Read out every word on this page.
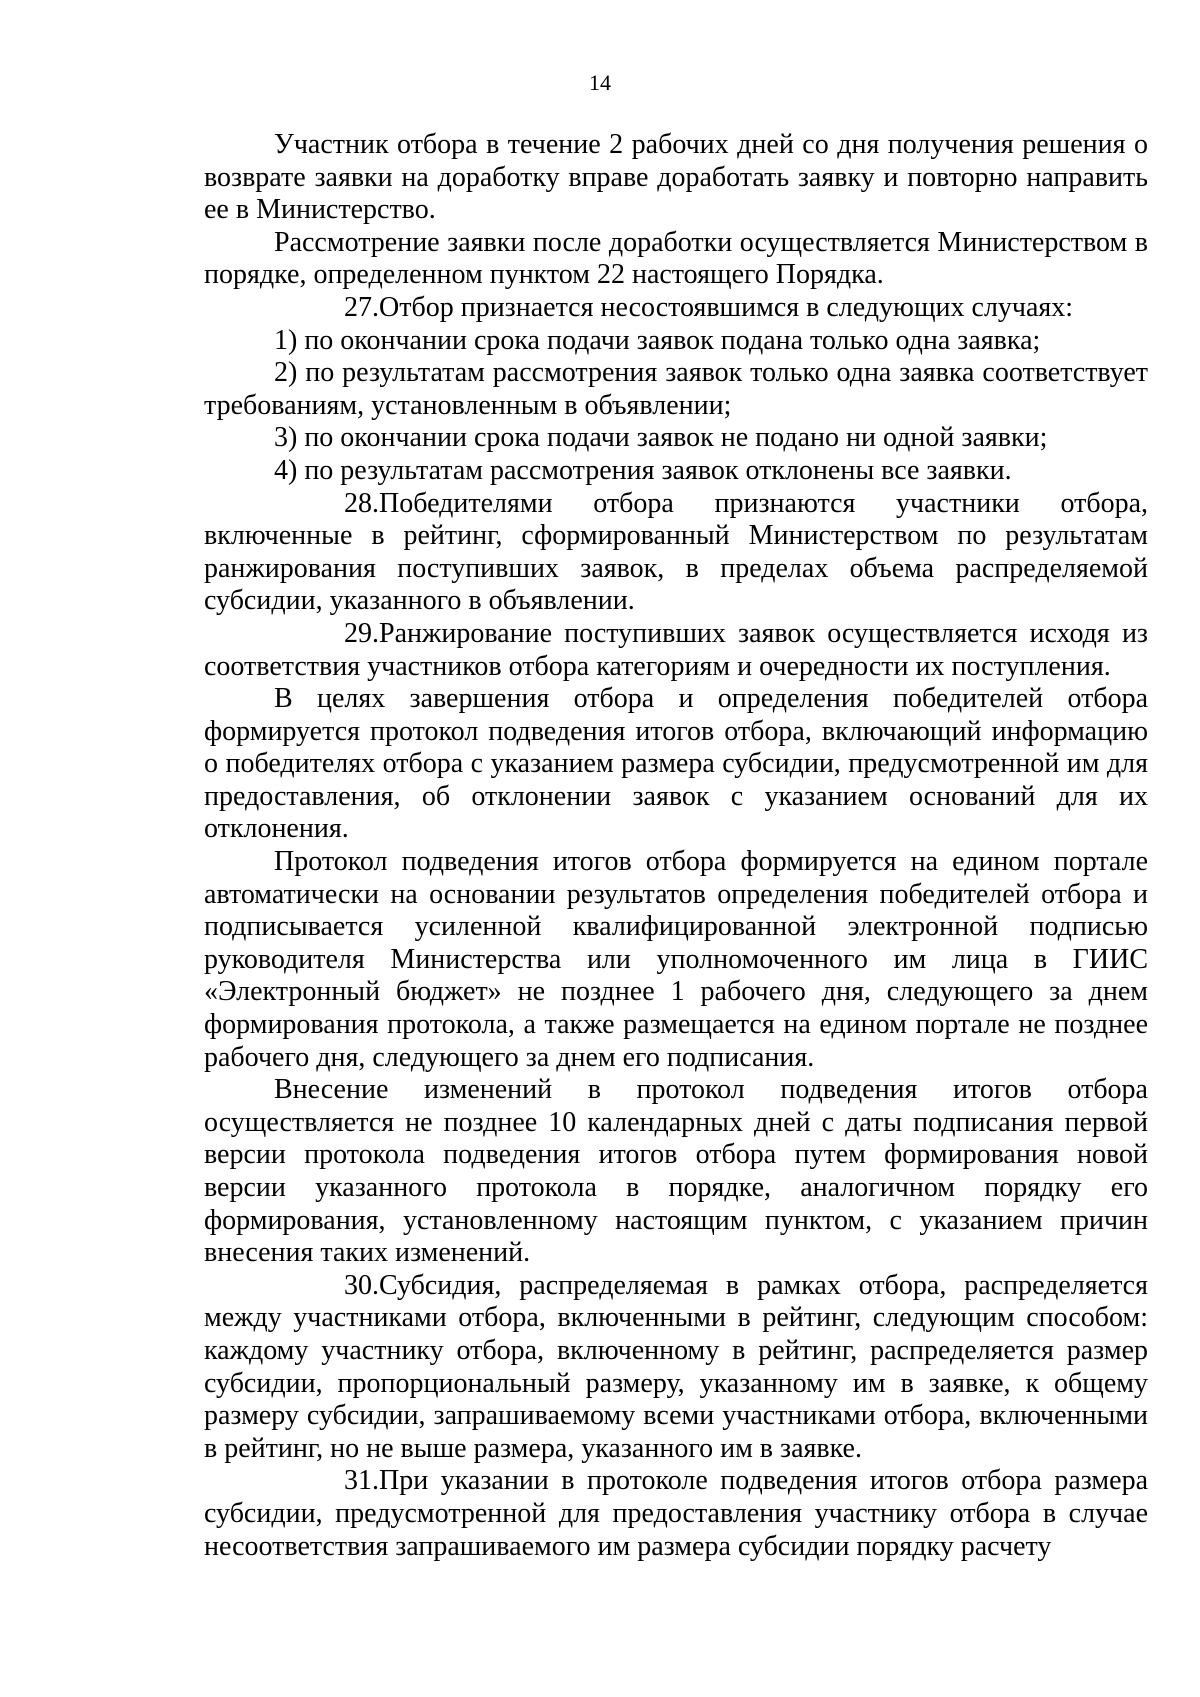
14

Участник отбора в течение 2 рабочих дней со дня получения решения о возврате заявки на доработку вправе доработать заявку и повторно направить ее в Министерство.

Рассмотрение заявки после доработки осуществляется Министерством в порядке, определенном пунктом 22 настоящего Порядка.

27.Отбор признается несостоявшимся в следующих случаях:

1) по окончании срока подачи заявок подана только одна заявка;

2) по результатам рассмотрения заявок только одна заявка соответствует требованиям, установленным в объявлении;

3) по окончании срока подачи заявок не подано ни одной заявки;

4) по результатам рассмотрения заявок отклонены все заявки.

28.Победителями отбора признаются участники отбора, включенные в рейтинг, сформированный Министерством по результатам ранжирования поступивших заявок, в пределах объема распределяемой субсидии, указанного в объявлении.

29.Ранжирование поступивших заявок осуществляется исходя из соответствия участников отбора категориям и очередности их поступления.

В целях завершения отбора и определения победителей отбора формируется протокол подведения итогов отбора, включающий информацию о победителях отбора с указанием размера субсидии, предусмотренной им для предоставления, об отклонении заявок с указанием оснований для их отклонения.

Протокол подведения итогов отбора формируется на едином портале автоматически на основании результатов определения победителей отбора и подписывается усиленной квалифицированной электронной подписью руководителя Министерства или уполномоченного им лица в ГИИС «Электронный бюджет» не позднее 1 рабочего дня, следующего за днем формирования протокола, а также размещается на едином портале не позднее рабочего дня, следующего за днем его подписания.

Внесение изменений в протокол подведения итогов отбора осуществляется не позднее 10 календарных дней с даты подписания первой версии протокола подведения итогов отбора путем формирования новой версии указанного протокола в порядке, аналогичном порядку его формирования, установленному настоящим пунктом, с указанием причин внесения таких изменений.

30.Субсидия, распределяемая в рамках отбора, распределяется между участниками отбора, включенными в рейтинг, следующим способом: каждому участнику отбора, включенному в рейтинг, распределяется размер субсидии, пропорциональный размеру, указанному им в заявке, к общему размеру субсидии, запрашиваемому всеми участниками отбора, включенными в рейтинг, но не выше размера, указанного им в заявке.

31.При указании в протоколе подведения итогов отбора размера субсидии, предусмотренной для предоставления участнику отбора в случае несоответствия запрашиваемого им размера субсидии порядку расчету
